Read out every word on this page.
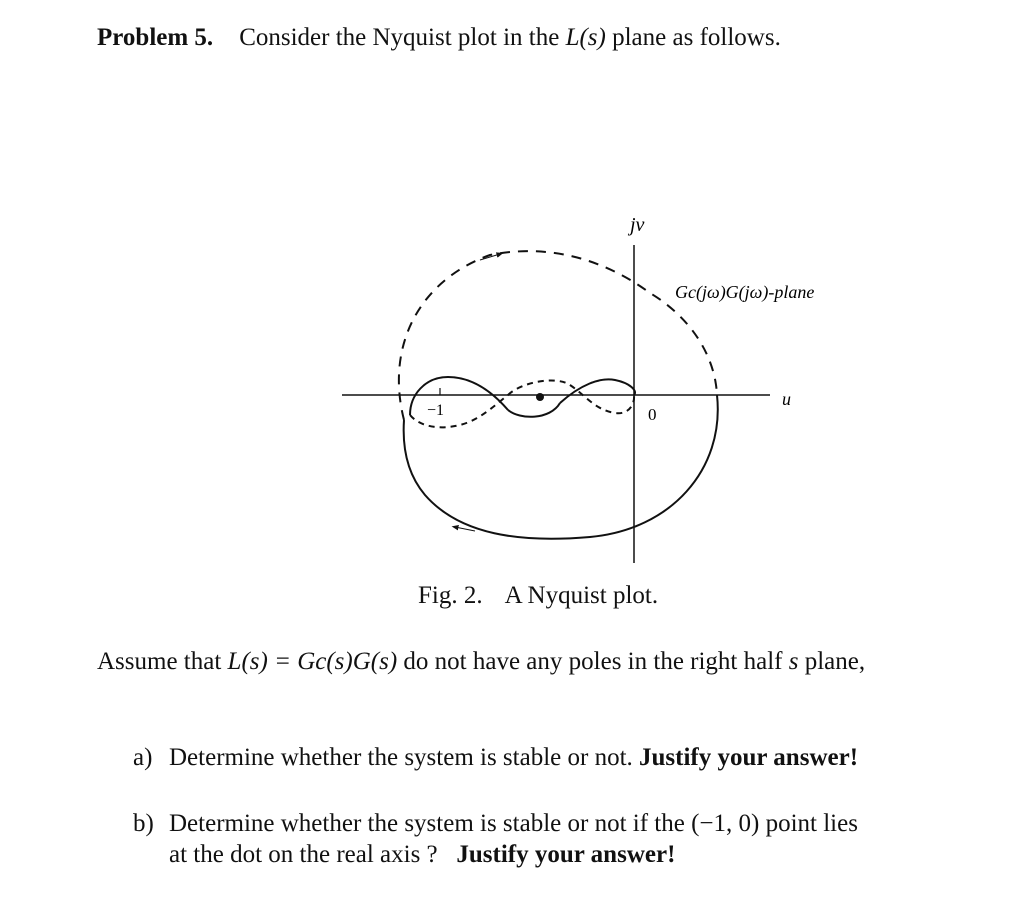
Problem 5. Consider the Nyquist plot in the L(s) plane as follows.
jv
u
Gc(jω)G(jω)-plane
−1	0
Fig. 2. A Nyquist plot.
Assume that L(s) = Gc(s)G(s) do not have any poles in the right half s plane,
a) Determine whether the system is stable or not. Justify your answer!
b) Determine whether the system is stable or not if the (−1, 0) point lies
at the dot on the real axis ? Justify your answer!
